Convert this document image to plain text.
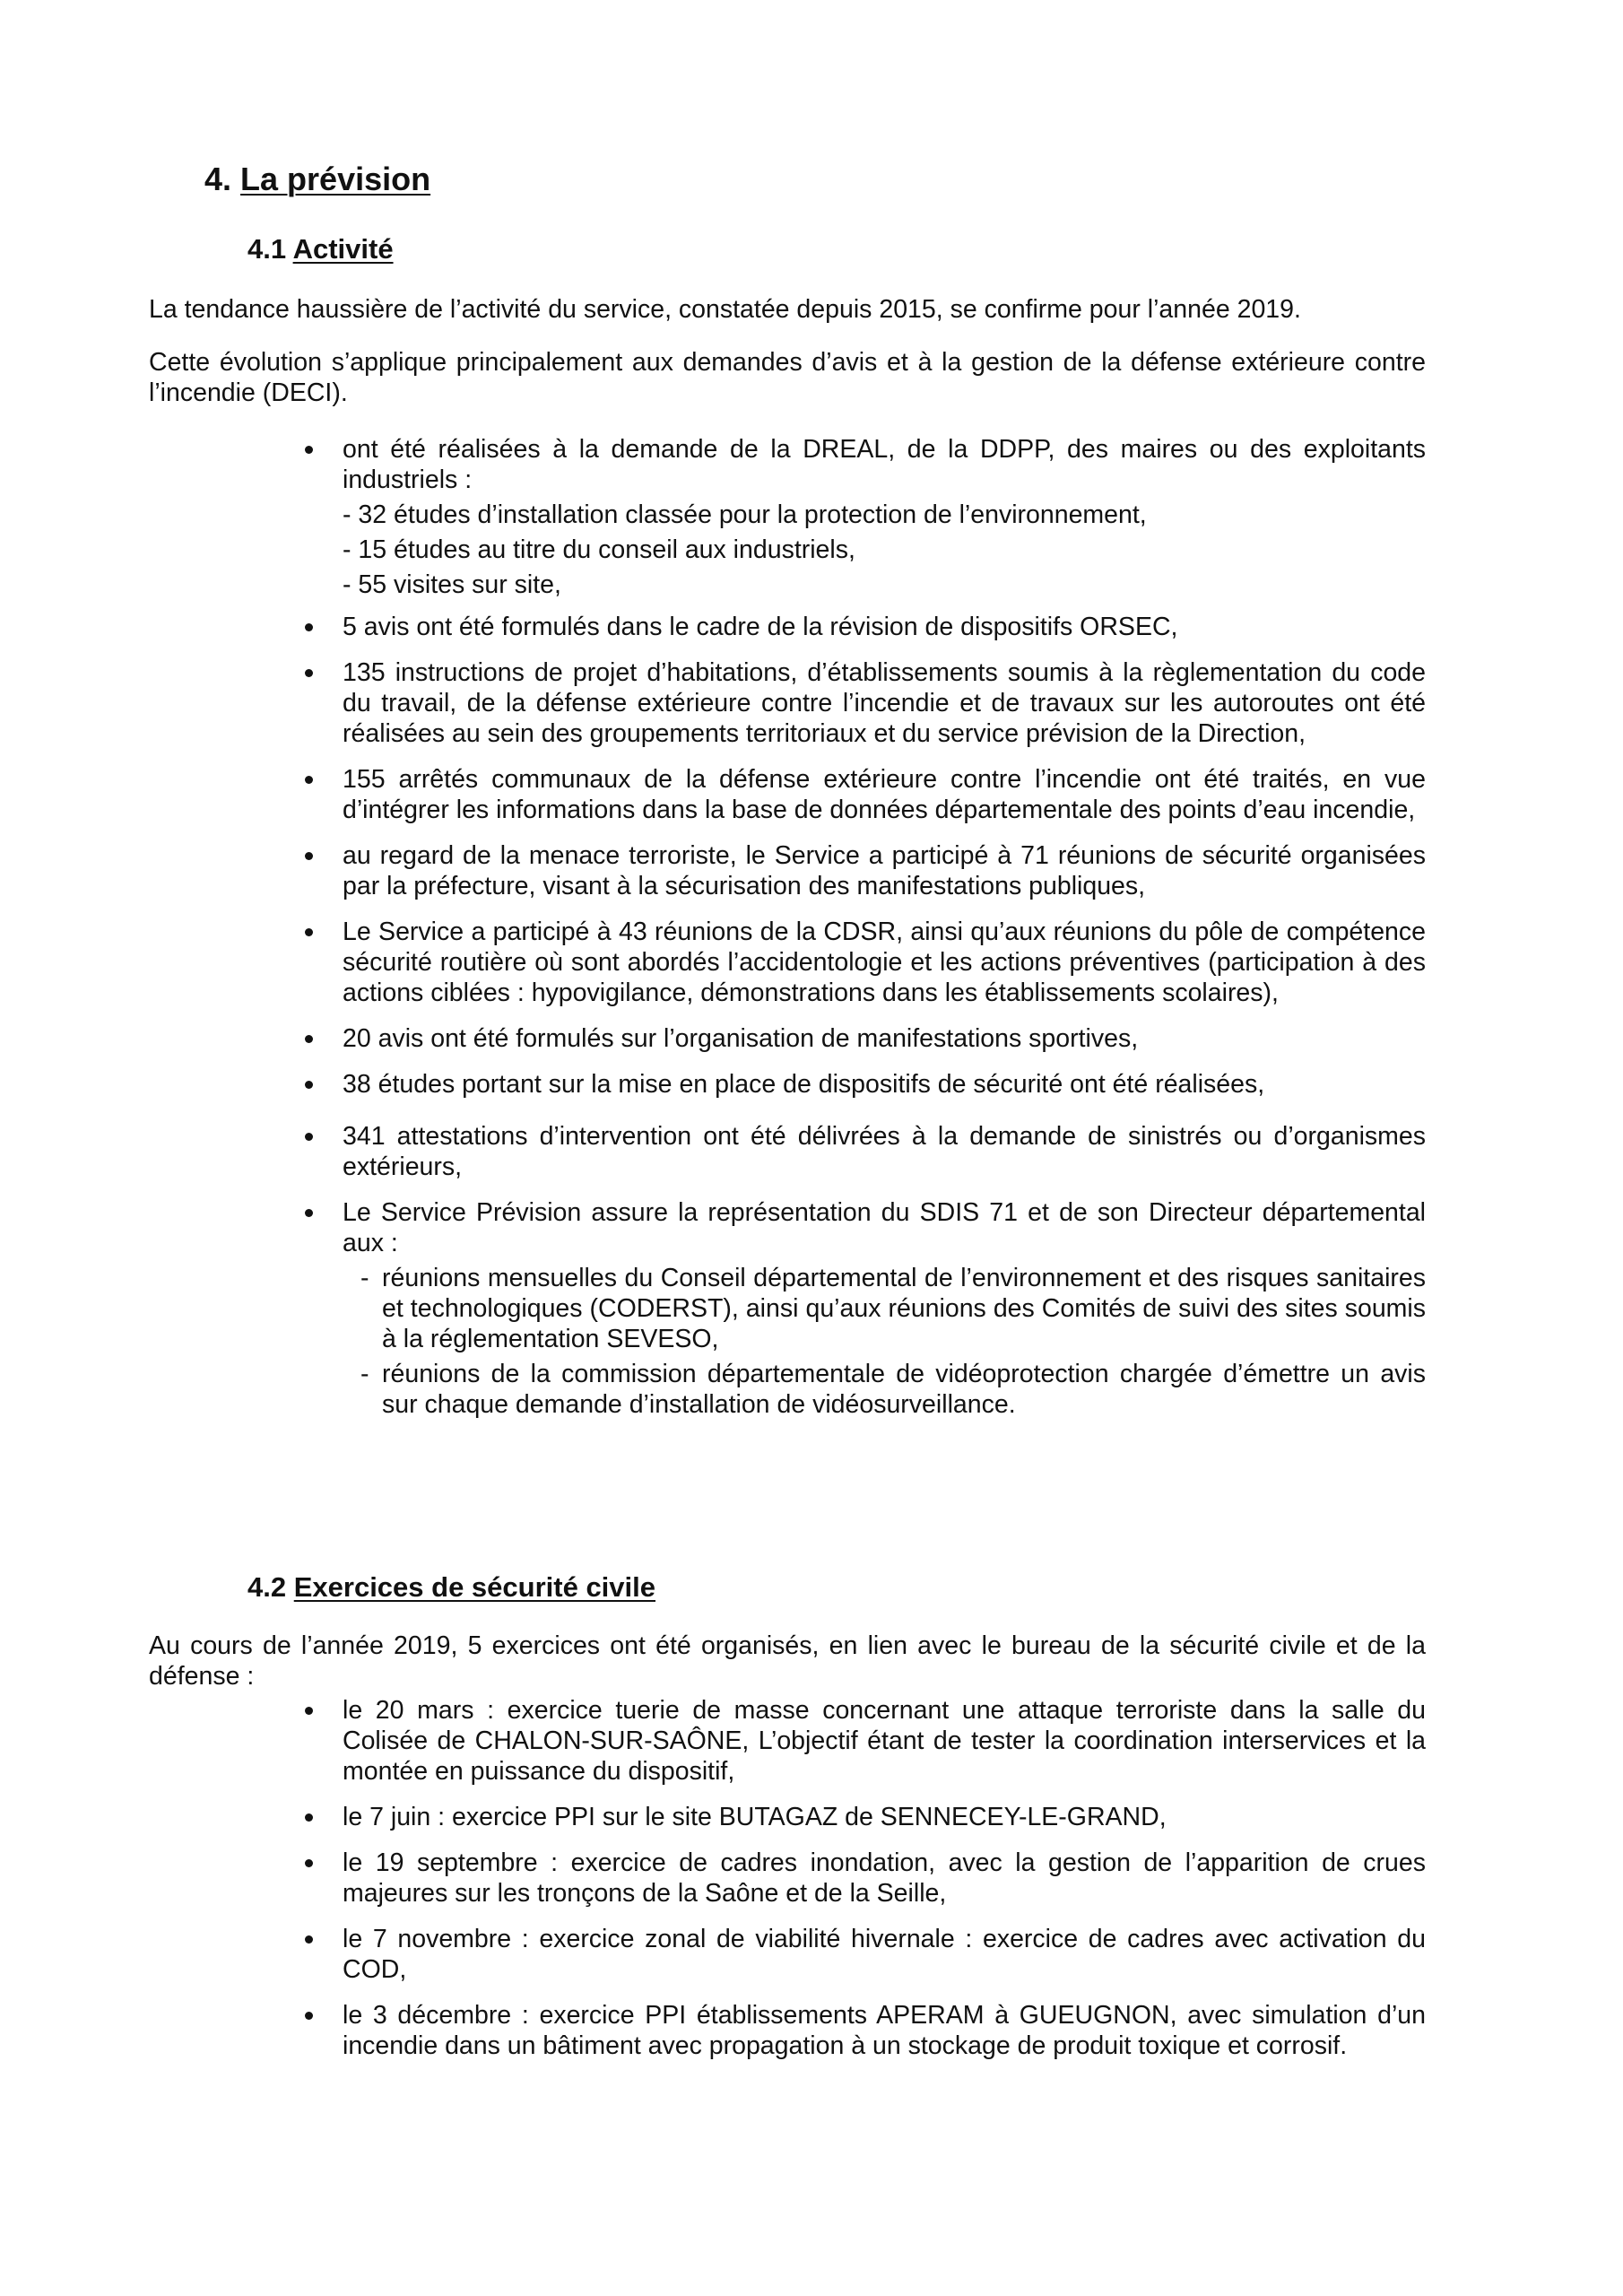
4. La prévision
4.1 Activité
La tendance haussière de l’activité du service, constatée depuis 2015, se confirme pour l’année 2019.
Cette évolution s’applique principalement aux demandes d’avis et à la gestion de la défense extérieure contre l’incendie (DECI).
ont été réalisées à la demande de la DREAL, de la DDPP, des maires ou des exploitants industriels :
- 32 études d’installation classée pour la protection de l’environnement,
- 15 études au titre du conseil aux industriels,
- 55 visites sur site,
5 avis ont été formulés dans le cadre de la révision de dispositifs ORSEC,
135 instructions de projet d’habitations, d’établissements soumis à la règlementation du code du travail, de la défense extérieure contre l’incendie et de travaux sur les autoroutes ont été réalisées au sein des groupements territoriaux et du service prévision de la Direction,
155 arrêtés communaux de la défense extérieure contre l’incendie ont été traités, en vue d’intégrer les informations dans la base de données départementale des points d’eau incendie,
au regard de la menace terroriste, le Service a participé à 71 réunions de sécurité organisées par la préfecture, visant à la sécurisation des manifestations publiques,
Le Service a participé à 43 réunions de la CDSR, ainsi qu’aux réunions du pôle de compétence sécurité routière où sont abordés l’accidentologie et les actions préventives (participation à des actions ciblées : hypovigilance, démonstrations dans les établissements scolaires),
20 avis ont été formulés sur l’organisation de manifestations sportives,
38 études portant sur la mise en place de dispositifs de sécurité ont été réalisées,
341 attestations d’intervention ont été délivrées à la demande de sinistrés ou d’organismes extérieurs,
Le Service Prévision assure la représentation du SDIS 71 et de son Directeur départemental aux :
- réunions mensuelles du Conseil départemental de l’environnement et des risques sanitaires et technologiques (CODERST), ainsi qu’aux réunions des Comités de suivi des sites soumis à la réglementation SEVESO,
- réunions de la commission départementale de vidéoprotection chargée d’émettre un avis sur chaque demande d’installation de vidéosurveillance.
4.2 Exercices de sécurité civile
Au cours de l’année 2019, 5 exercices ont été organisés, en lien avec le bureau de la sécurité civile et de la défense :
le 20 mars : exercice tuerie de masse concernant une attaque terroriste dans la salle du Colisée de CHALON-SUR-SAÔNE, L’objectif étant de tester la coordination interservices et la montée en puissance du dispositif,
le 7 juin : exercice PPI sur le site BUTAGAZ de SENNECEY-LE-GRAND,
le 19 septembre : exercice de cadres inondation, avec la gestion de l’apparition de crues majeures sur les tronçons de la Saône et de la Seille,
le 7 novembre : exercice zonal de viabilité hivernale : exercice de cadres avec activation du COD,
le 3 décembre : exercice PPI établissements APERAM à GUEUGNON, avec simulation d’un incendie dans un bâtiment avec propagation à un stockage de produit toxique et corrosif.
